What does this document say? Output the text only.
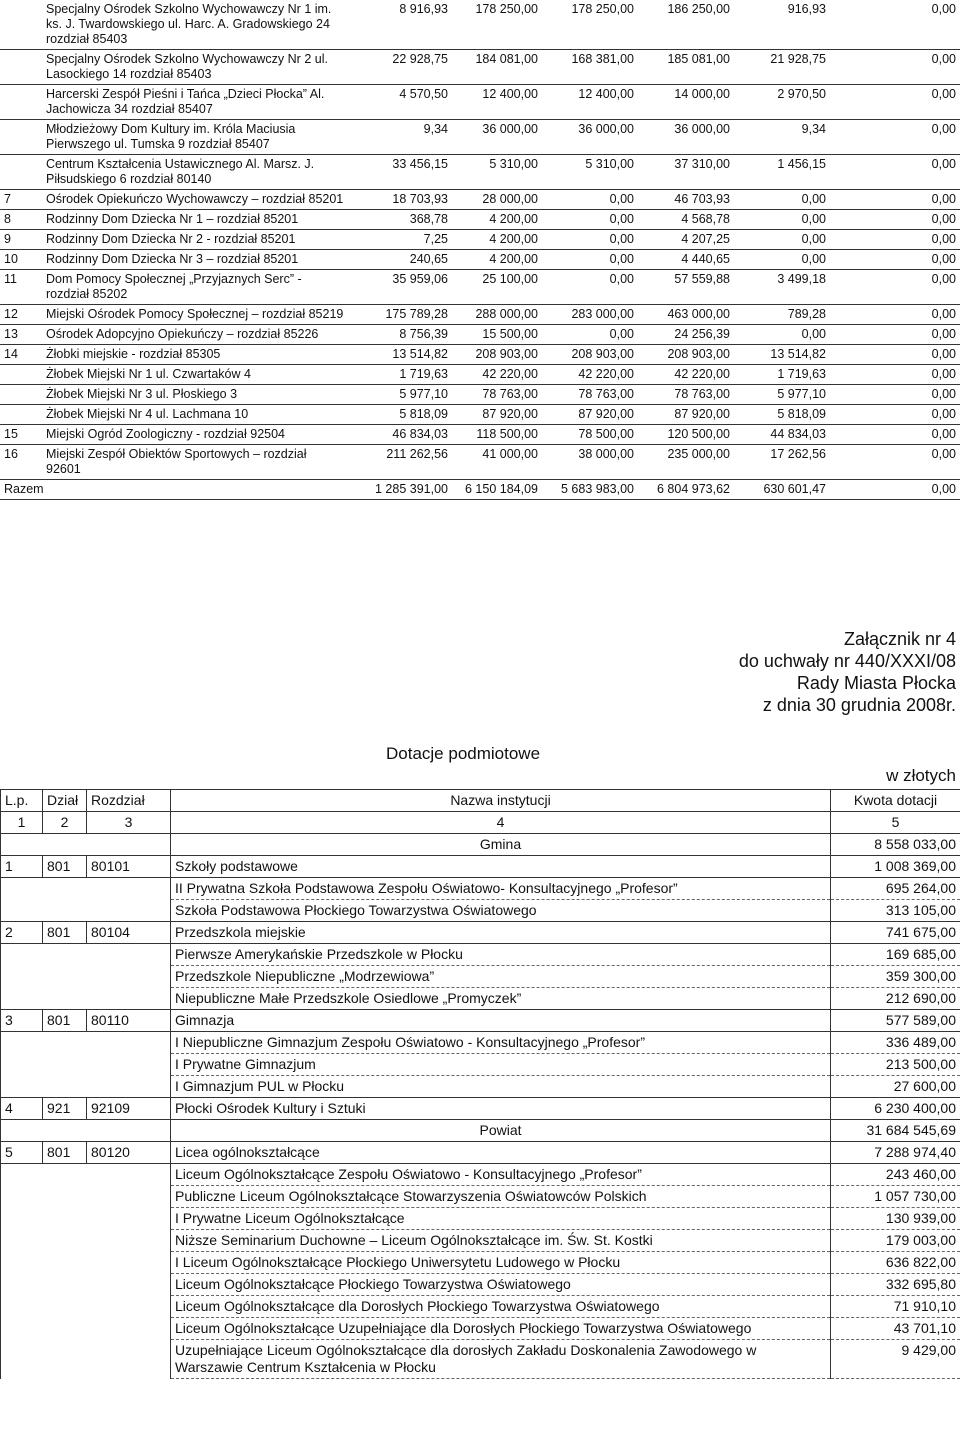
	Specjalny Ośrodek Szkolno Wychowawczy Nr 1 im. ks. J. Twardowskiego ul. Harc. A. Gradowskiego 24 rozdział 85403	8 916,93	178 250,00	178 250,00	186 250,00	916,93	0,00
	Specjalny Ośrodek Szkolno Wychowawczy Nr 2 ul. Lasockiego 14 rozdział 85403	22 928,75	184 081,00	168 381,00	185 081,00	21 928,75	0,00
	Harcerski Zespół Pieśni i Tańca „Dzieci Płocka” Al. Jachowicza 34 rozdział 85407	4 570,50	12 400,00	12 400,00	14 000,00	2 970,50	0,00
	Młodzieżowy Dom Kultury im. Króla Maciusia Pierwszego ul. Tumska 9 rozdział 85407	9,34	36 000,00	36 000,00	36 000,00	9,34	0,00
	Centrum Kształcenia Ustawicznego Al. Marsz. J. Piłsudskiego 6 rozdział 80140	33 456,15	5 310,00	5 310,00	37 310,00	1 456,15	0,00
7	Ośrodek Opiekuńczo Wychowawczy – rozdział 85201	18 703,93	28 000,00	0,00	46 703,93	0,00	0,00
8	Rodzinny Dom Dziecka Nr 1 – rozdział 85201	368,78	4 200,00	0,00	4 568,78	0,00	0,00
9	Rodzinny Dom Dziecka Nr 2 - rozdział 85201	7,25	4 200,00	0,00	4 207,25	0,00	0,00
10	Rodzinny Dom Dziecka Nr 3 – rozdział 85201	240,65	4 200,00	0,00	4 440,65	0,00	0,00
11	Dom Pomocy Społecznej „Przyjaznych Serc” - rozdział 85202	35 959,06	25 100,00	0,00	57 559,88	3 499,18	0,00
12	Miejski Ośrodek Pomocy Społecznej – rozdział 85219	175 789,28	288 000,00	283 000,00	463 000,00	789,28	0,00
13	Ośrodek Adopcyjno Opiekuńczy – rozdział 85226	8 756,39	15 500,00	0,00	24 256,39	0,00	0,00
14	Żłobki miejskie - rozdział 85305	13 514,82	208 903,00	208 903,00	208 903,00	13 514,82	0,00
	Żłobek Miejski Nr 1 ul. Czwartaków 4	1 719,63	42 220,00	42 220,00	42 220,00	1 719,63	0,00
	Żłobek Miejski Nr 3 ul. Płoskiego 3	5 977,10	78 763,00	78 763,00	78 763,00	5 977,10	0,00
	Żłobek Miejski Nr 4 ul. Lachmana 10	5 818,09	87 920,00	87 920,00	87 920,00	5 818,09	0,00
15	Miejski Ogród Zoologiczny - rozdział 92504	46 834,03	118 500,00	78 500,00	120 500,00	44 834,03	0,00
16	Miejski Zespół Obiektów Sportowych – rozdział 92601	211 262,56	41 000,00	38 000,00	235 000,00	17 262,56	0,00
Razem		1 285 391,00	6 150 184,09	5 683 983,00	6 804 973,62	630 601,47	0,00
Załącznik nr 4
do uchwały nr 440/XXXI/08
Rady Miasta Płocka
z dnia 30 grudnia 2008r.
Dotacje podmiotowe
w złotych
L.p.	Dział	Rozdział	Nazwa instytucji	Kwota dotacji
1	2	3	4	5
			Gmina	8 558 033,00
1	801	80101	Szkoły podstawowe	1 008 369,00
			II Prywatna Szkoła Podstawowa Zespołu Oświatowo- Konsultacyjnego „Profesor”	695 264,00
			Szkoła Podstawowa Płockiego Towarzystwa Oświatowego	313 105,00
2	801	80104	Przedszkola miejskie	741 675,00
			Pierwsze Amerykańskie Przedszkole w Płocku	169 685,00
			Przedszkole Niepubliczne „Modrzewiowa”	359 300,00
			Niepubliczne Małe Przedszkole Osiedlowe „Promyczek”	212 690,00
3	801	80110	Gimnazja	577 589,00
			I Niepubliczne Gimnazjum Zespołu Oświatowo - Konsultacyjnego „Profesor”	336 489,00
			I Prywatne Gimnazjum	213 500,00
			I Gimnazjum PUL w Płocku	27 600,00
4	921	92109	Płocki Ośrodek Kultury i Sztuki	6 230 400,00
			Powiat	31 684 545,69
5	801	80120	Licea ogólnokształcące	7 288 974,40
			Liceum Ogólnokształcące Zespołu Oświatowo - Konsultacyjnego „Profesor”	243 460,00
			Publiczne Liceum Ogólnokształcące Stowarzyszenia Oświatowców Polskich	1 057 730,00
			I Prywatne Liceum Ogólnokształcące	130 939,00
			Niższe Seminarium Duchowne – Liceum Ogólnokształcące im. Św. St. Kostki	179 003,00
			I Liceum Ogólnokształcące Płockiego Uniwersytetu Ludowego w Płocku	636 822,00
			Liceum Ogólnokształcące Płockiego Towarzystwa Oświatowego	332 695,80
			Liceum Ogólnokształcące dla Dorosłych Płockiego Towarzystwa Oświatowego	71 910,10
			Liceum Ogólnokształcące Uzupełniające dla Dorosłych Płockiego Towarzystwa Oświatowego	43 701,10
			Uzupełniające Liceum Ogólnokształcące dla dorosłych Zakładu Doskonalenia Zawodowego w Warszawie Centrum Kształcenia w Płocku	9 429,00
